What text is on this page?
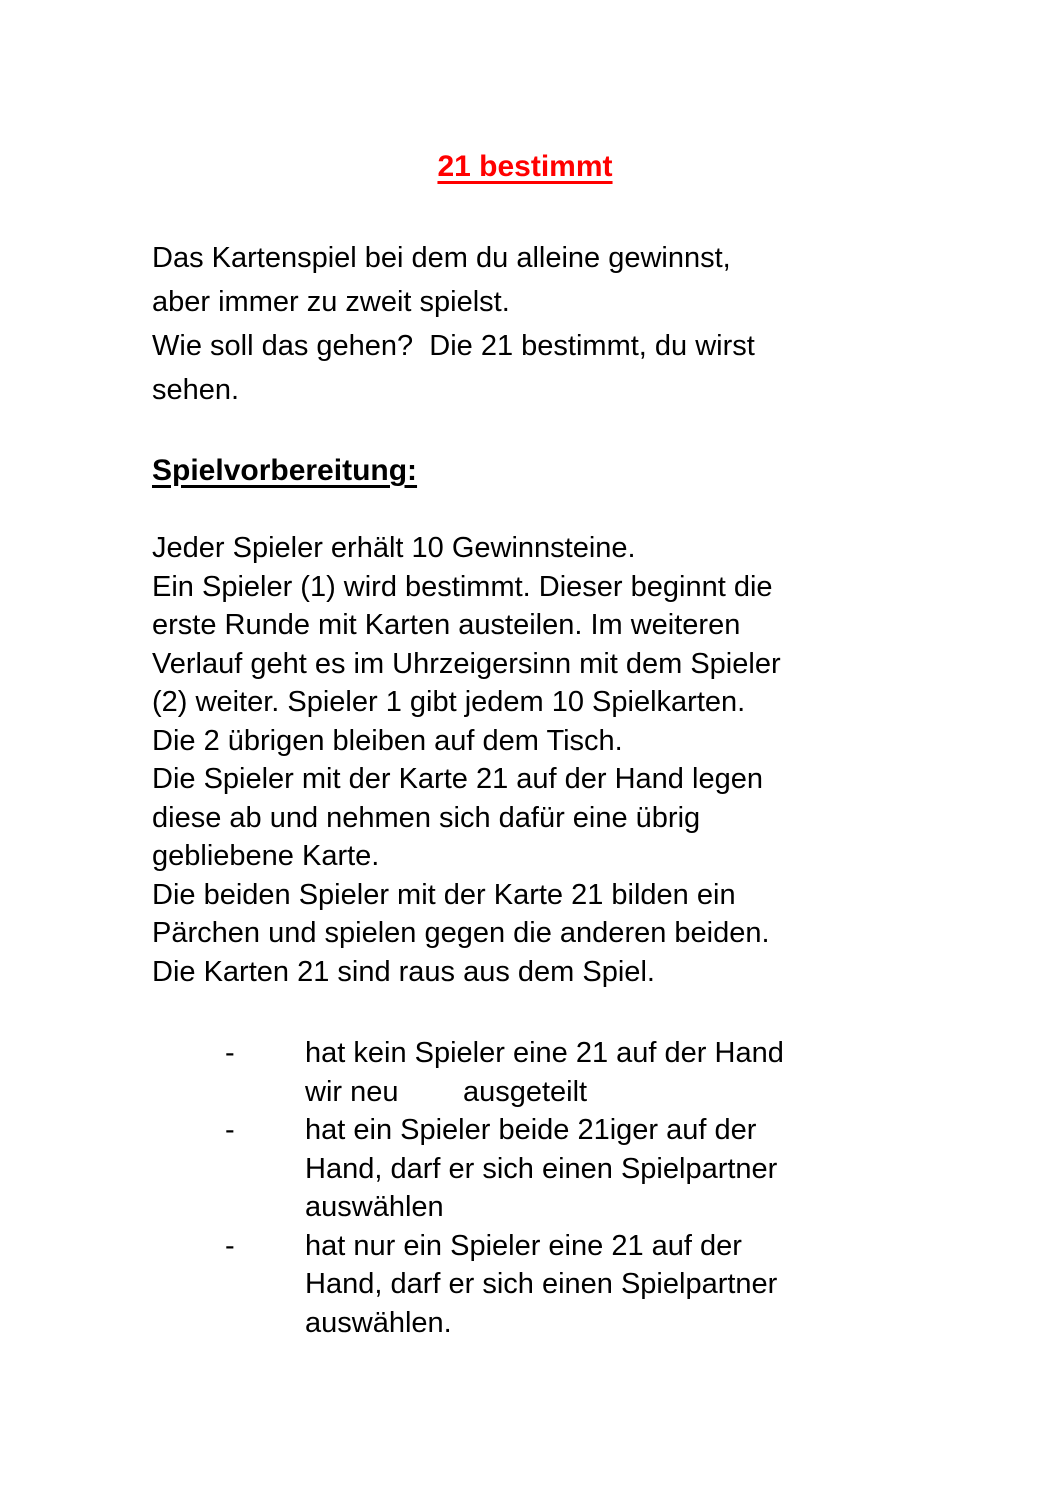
21 bestimmt
Das Kartenspiel bei dem du alleine gewinnst,
aber immer zu zweit spielst.
Wie soll das gehen?  Die 21 bestimmt, du wirst
sehen.
Spielvorbereitung:
Jeder Spieler erhält 10 Gewinnsteine.
Ein Spieler (1) wird bestimmt. Dieser beginnt die
erste Runde mit Karten austeilen. Im weiteren
Verlauf geht es im Uhrzeigersinn mit dem Spieler
(2) weiter. Spieler 1 gibt jedem 10 Spielkarten.
Die 2 übrigen bleiben auf dem Tisch.
Die Spieler mit der Karte 21 auf der Hand legen
diese ab und nehmen sich dafür eine übrig
gebliebene Karte.
Die beiden Spieler mit der Karte 21 bilden ein
Pärchen und spielen gegen die anderen beiden.
Die Karten 21 sind raus aus dem Spiel.
- hat kein Spieler eine 21 auf der Hand
wir neu        ausgeteilt
- hat ein Spieler beide 21iger auf der
Hand, darf er sich einen Spielpartner
auswählen
- hat nur ein Spieler eine 21 auf der
Hand, darf er sich einen Spielpartner
auswählen.
